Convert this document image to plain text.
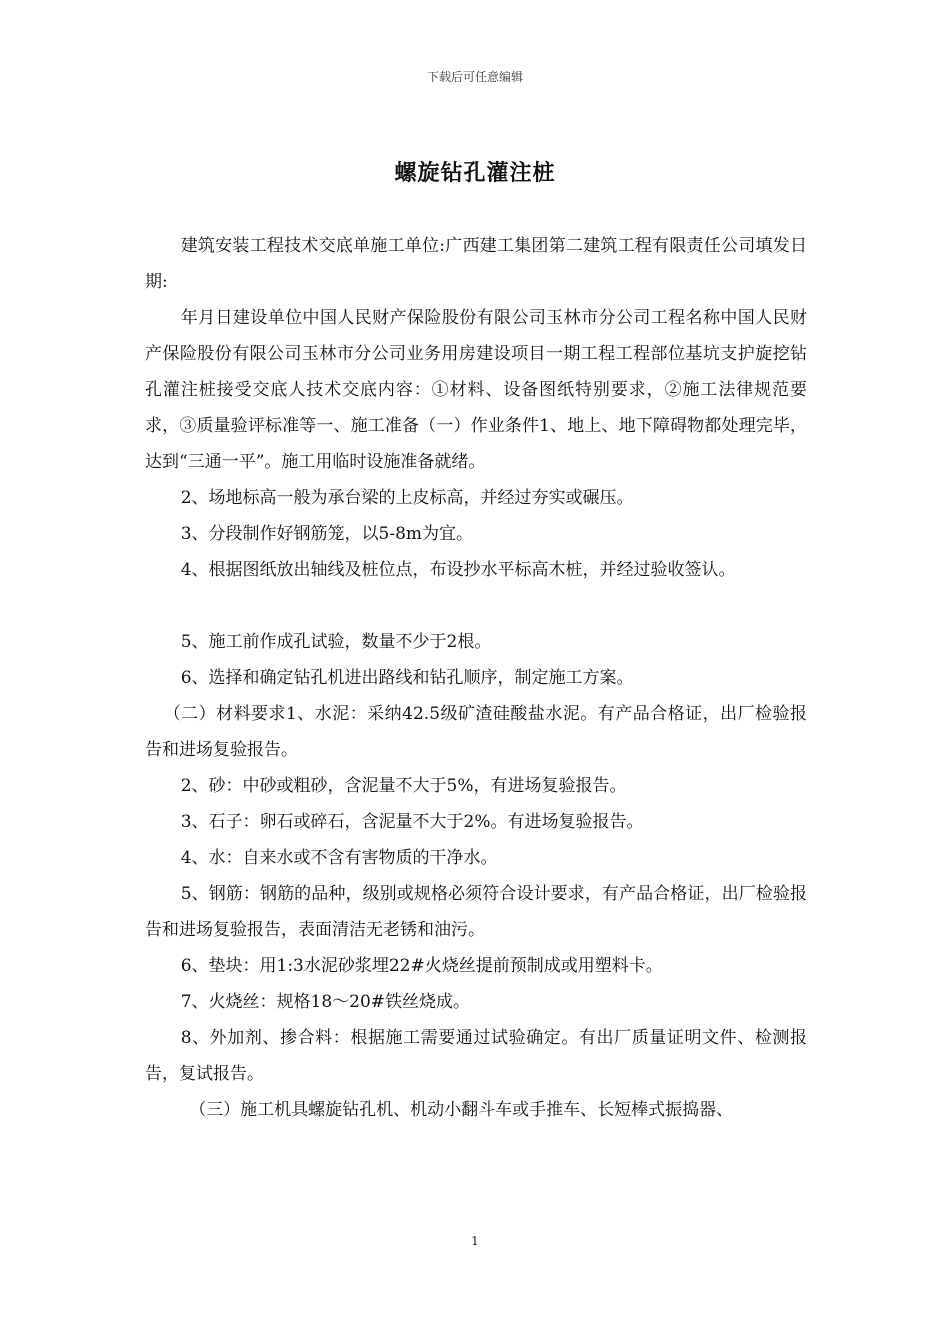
下载后可任意编辑
螺旋钻孔灌注桩

建筑安装工程技术交底单施工单位:广西建工集团第二建筑工程有限责任公司填发日期:

年月日建设单位中国人民财产保险股份有限公司玉林市分公司工程名称中国人民财产保险股份有限公司玉林市分公司业务用房建设项目一期工程工程部位基坑支护旋挖钻孔灌注桩接受交底人技术交底内容：①材料、设备图纸特别要求，②施工法律规范要求，③质量验评标准等一、施工准备（一）作业条件1、地上、地下障碍物都处理完毕，达到“三通一平”。施工用临时设施准备就绪。

2、场地标高一般为承台梁的上皮标高，并经过夯实或碾压。

3、分段制作好钢筋笼，以5-8m为宜。

4、根据图纸放出轴线及桩位点，布设抄水平标高木桩，并经过验收签认。

5、施工前作成孔试验，数量不少于2根。

6、选择和确定钻孔机进出路线和钻孔顺序，制定施工方案。

（二）材料要求1、水泥：采纳42.5级矿渣硅酸盐水泥。有产品合格证，出厂检验报告和进场复验报告。

2、砂：中砂或粗砂，含泥量不大于5%，有进场复验报告。

3、石子：卵石或碎石，含泥量不大于2%。有进场复验报告。

4、水：自来水或不含有害物质的干净水。

5、钢筋：钢筋的品种，级别或规格必须符合设计要求，有产品合格证，出厂检验报告和进场复验报告，表面清洁无老锈和油污。

6、垫块：用1:3水泥砂浆埋22#火烧丝提前预制成或用塑料卡。

7、火烧丝：规格18～20#铁丝烧成。

8、外加剂、掺合料：根据施工需要通过试验确定。有出厂质量证明文件、检测报告，复试报告。

（三）施工机具螺旋钻孔机、机动小翻斗车或手推车、长短棒式振捣器、

1
